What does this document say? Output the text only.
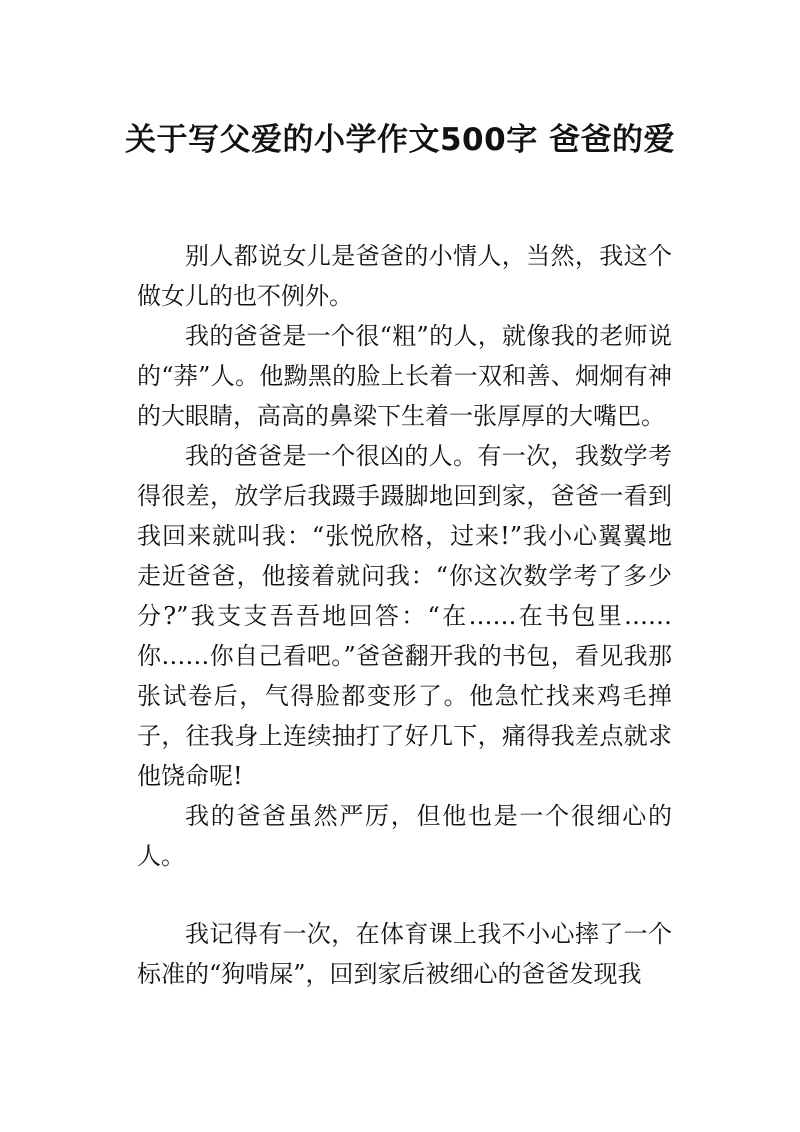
关于写父爱的小学作文500字 爸爸的爱

别人都说女儿是爸爸的小情人，当然，我这个做女儿的也不例外。

我的爸爸是一个很“粗”的人，就像我的老师说的“莽”人。他黝黑的脸上长着一双和善、炯炯有神的大眼睛，高高的鼻梁下生着一张厚厚的大嘴巴。

我的爸爸是一个很凶的人。有一次，我数学考得很差，放学后我蹑手蹑脚地回到家，爸爸一看到我回来就叫我：“张悦欣格，过来!”我小心翼翼地走近爸爸，他接着就问我：“你这次数学考了多少分?”我支支吾吾地回答：“在……在书包里……你……你自己看吧。”爸爸翻开我的书包，看见我那张试卷后，气得脸都变形了。他急忙找来鸡毛掸子，往我身上连续抽打了好几下，痛得我差点就求他饶命呢!

我的爸爸虽然严厉，但他也是一个很细心的人。

我记得有一次，在体育课上我不小心摔了一个标准的“狗啃屎”，回到家后被细心的爸爸发现我
